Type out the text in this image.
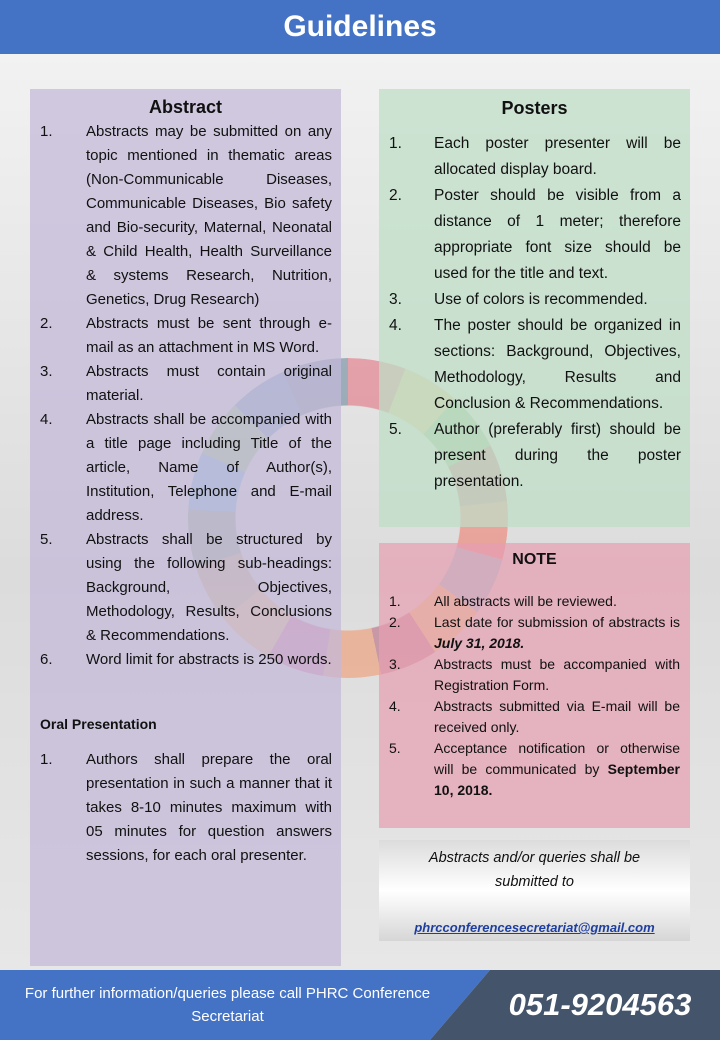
Guidelines
Abstract
1. Abstracts may be submitted on any topic mentioned in thematic areas (Non-Communicable Diseases, Communicable Diseases, Bio safety and Bio-security, Maternal, Neonatal & Child Health, Health Surveillance & systems Research, Nutrition, Genetics, Drug Research)
2. Abstracts must be sent through e-mail as an attachment in MS Word.
3. Abstracts must contain original material.
4. Abstracts shall be accompanied with a title page including Title of the article, Name of Author(s), Institution, Telephone and E-mail address.
5. Abstracts shall be structured by using the following sub-headings: Background, Objectives, Methodology, Results, Conclusions & Recommendations.
6. Word limit for abstracts is 250 words.
Oral Presentation
1. Authors shall prepare the oral presentation in such a manner that it takes 8-10 minutes maximum with 05 minutes for question answers sessions, for each oral presenter.
Posters
1. Each poster presenter will be allocated display board.
2. Poster should be visible from a distance of 1 meter; therefore appropriate font size should be used for the title and text.
3. Use of colors is recommended.
4. The poster should be organized in sections: Background, Objectives, Methodology, Results and Conclusion & Recommendations.
5. Author (preferably first) should be present during the poster presentation.
NOTE
1. All abstracts will be reviewed.
2. Last date for submission of abstracts is July 31, 2018.
3. Abstracts must be accompanied with Registration Form.
4. Abstracts submitted via E-mail will be received only.
5. Acceptance notification or otherwise will be communicated by September 10, 2018.
Abstracts and/or queries shall be submitted to
phrcconferencesecretariat@gmail.com
For further information/queries please call PHRC Conference Secretariat	051-9204563
